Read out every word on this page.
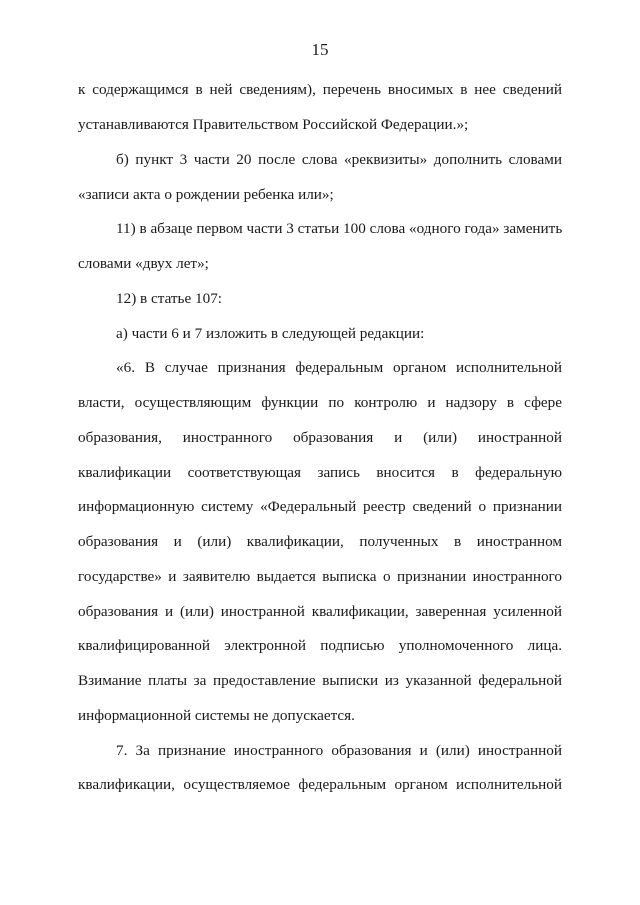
15
к содержащимся в ней сведениям), перечень вносимых в нее сведений
устанавливаются Правительством Российской Федерации.»;
б) пункт 3 части 20 после слова «реквизиты» дополнить словами
«записи акта о рождении ребенка или»;
11) в абзаце первом части 3 статьи 100 слова «одного года» заменить
словами «двух лет»;
12) в статье 107:
а) части 6 и 7 изложить в следующей редакции:
«6. В случае признания федеральным органом исполнительной
власти, осуществляющим функции по контролю и надзору в сфере
образования, иностранного образования и (или) иностранной
квалификации соответствующая запись вносится в федеральную
информационную систему «Федеральный реестр сведений о признании
образования и (или) квалификации, полученных в иностранном
государстве» и заявителю выдается выписка о признании иностранного
образования и (или) иностранной квалификации, заверенная усиленной
квалифицированной электронной подписью уполномоченного лица.
Взимание платы за предоставление выписки из указанной федеральной
информационной системы не допускается.
7. За признание иностранного образования и (или) иностранной
квалификации, осуществляемое федеральным органом исполнительной
